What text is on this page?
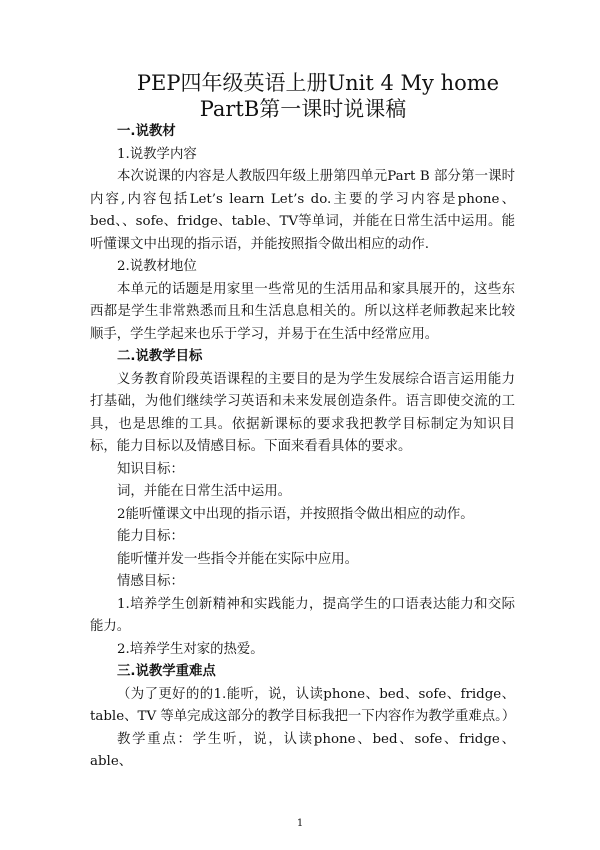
PEP四年级英语上册Unit 4 My home
PartB第一课时说课稿

一.说教材

1.说教学内容

本次说课的内容是人教版四年级上册第四单元Part B 部分第一课时内容,内容包括Let’s learn Let’s do.主要的学习内容是phone、bed、、sofe、fridge、table、TV等单词，并能在日常生活中运用。能听懂课文中出现的指示语，并能按照指令做出相应的动作.

2.说教材地位

本单元的话题是用家里一些常见的生活用品和家具展开的，这些东西都是学生非常熟悉而且和生活息息相关的。所以这样老师教起来比较顺手，学生学起来也乐于学习，并易于在生活中经常应用。

二.说教学目标

义务教育阶段英语课程的主要目的是为学生发展综合语言运用能力打基础，为他们继续学习英语和未来发展创造条件。语言即使交流的工具，也是思维的工具。依据新课标的要求我把教学目标制定为知识目标，能力目标以及情感目标。下面来看看具体的要求。

知识目标：

词，并能在日常生活中运用。

2能听懂课文中出现的指示语，并按照指令做出相应的动作。

能力目标：

能听懂并发一些指令并能在实际中应用。

情感目标：

1.培养学生创新精神和实践能力，提高学生的口语表达能力和交际能力。

2.培养学生对家的热爱。

三.说教学重难点

（为了更好的的1.能听，说，认读phone、bed、sofe、fridge、table、TV 等单完成这部分的教学目标我把一下内容作为教学重难点。）

教学重点：学生听，说，认读phone、bed、sofe、fridge、able、

1
